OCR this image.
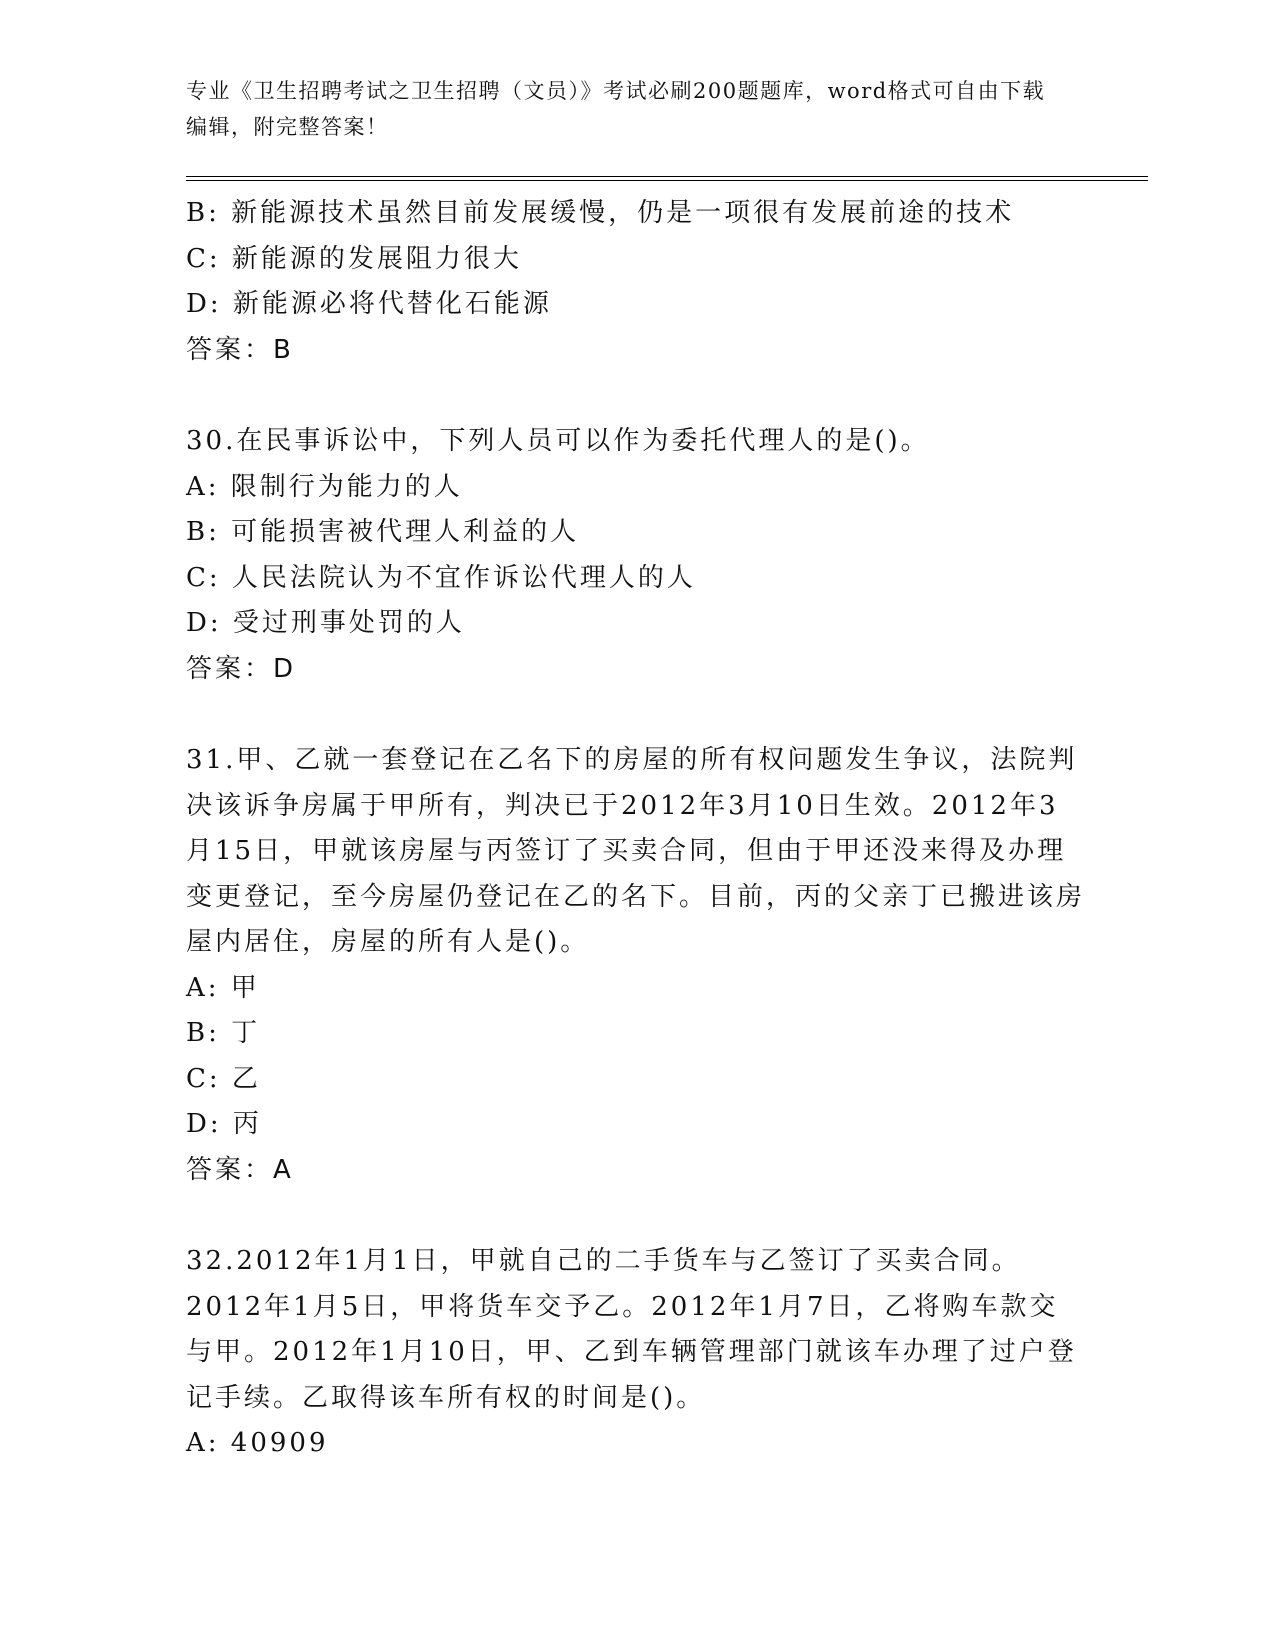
专业《卫生招聘考试之卫生招聘（文员）》考试必刷200题题库，word格式可自由下载编辑，附完整答案！
B: 新能源技术虽然目前发展缓慢，仍是一项很有发展前途的技术
C: 新能源的发展阻力很大
D: 新能源必将代替化石能源
答案：B
30.在民事诉讼中，下列人员可以作为委托代理人的是()。
A: 限制行为能力的人
B: 可能损害被代理人利益的人
C: 人民法院认为不宜作诉讼代理人的人
D: 受过刑事处罚的人
答案：D
31.甲、乙就一套登记在乙名下的房屋的所有权问题发生争议，法院判决该诉争房属于甲所有，判决已于2012年3月10日生效。2012年3月15日，甲就该房屋与丙签订了买卖合同，但由于甲还没来得及办理变更登记，至今房屋仍登记在乙的名下。目前，丙的父亲丁已搬进该房屋内居住，房屋的所有人是()。
A: 甲
B: 丁
C: 乙
D: 丙
答案：A
32.2012年1月1日，甲就自己的二手货车与乙签订了买卖合同。2012年1月5日，甲将货车交予乙。2012年1月7日，乙将购车款交与甲。2012年1月10日，甲、乙到车辆管理部门就该车办理了过户登记手续。乙取得该车所有权的时间是()。
A: 40909
